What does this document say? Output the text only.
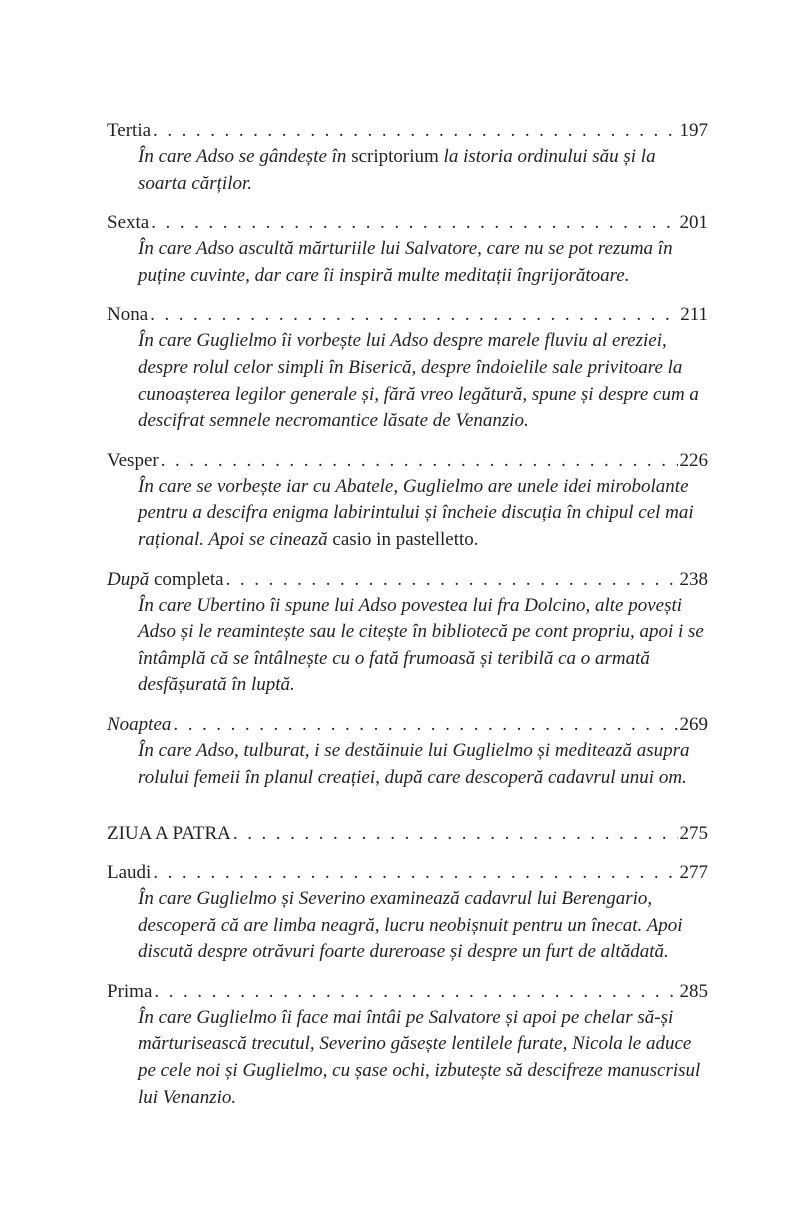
Tertia . . .	197

În care Adso se gândește în scriptorium la istoria ordinului său și la soarta cărților.

Sexta . . .	201

În care Adso ascultă mărturiile lui Salvatore, care nu se pot rezuma în puține cuvinte, dar care îi inspiră multe meditații îngrijorătoare.

Nona . . .	211

În care Guglielmo îi vorbește lui Adso despre marele fluviu al ereziei, despre rolul celor simpli în Biserică, despre îndoielile sale privitoare la cunoașterea legilor generale și, fără vreo legătură, spune și despre cum a descifrat semnele necromantice lăsate de Venanzio.

Vesper . . .	226

În care se vorbește iar cu Abatele, Guglielmo are unele idei mirobolante pentru a descifra enigma labirintului și încheie discuția în chipul cel mai rațional. Apoi se cinează casio in pastelletto.

După completa . . .	238

În care Ubertino îi spune lui Adso povestea lui fra Dolcino, alte povești Adso și le reamintește sau le citește în bibliotecă pe cont propriu, apoi i se întâmplă că se întâlnește cu o fată frumoasă și teribilă ca o armată desfășurată în luptă.

Noaptea . . .	269

În care Adso, tulburat, i se destăinuie lui Guglielmo și meditează asupra rolului femeii în planul creației, după care descoperă cadavrul unui om.

ZIUA A PATRA . . .	275
Laudi . . .	277

În care Guglielmo și Severino examinează cadavrul lui Berengario, descoperă că are limba neagră, lucru neobișnuit pentru un înecat. Apoi discută despre otrăvuri foarte dureroase și despre un furt de altădată.

Prima . . .	285

În care Guglielmo îi face mai întâi pe Salvatore și apoi pe chelar să-și mărturisească trecutul, Severino găsește lentilele furate, Nicola le aduce pe cele noi și Guglielmo, cu șase ochi, izbutește să descifreze manuscrisul lui Venanzio.
